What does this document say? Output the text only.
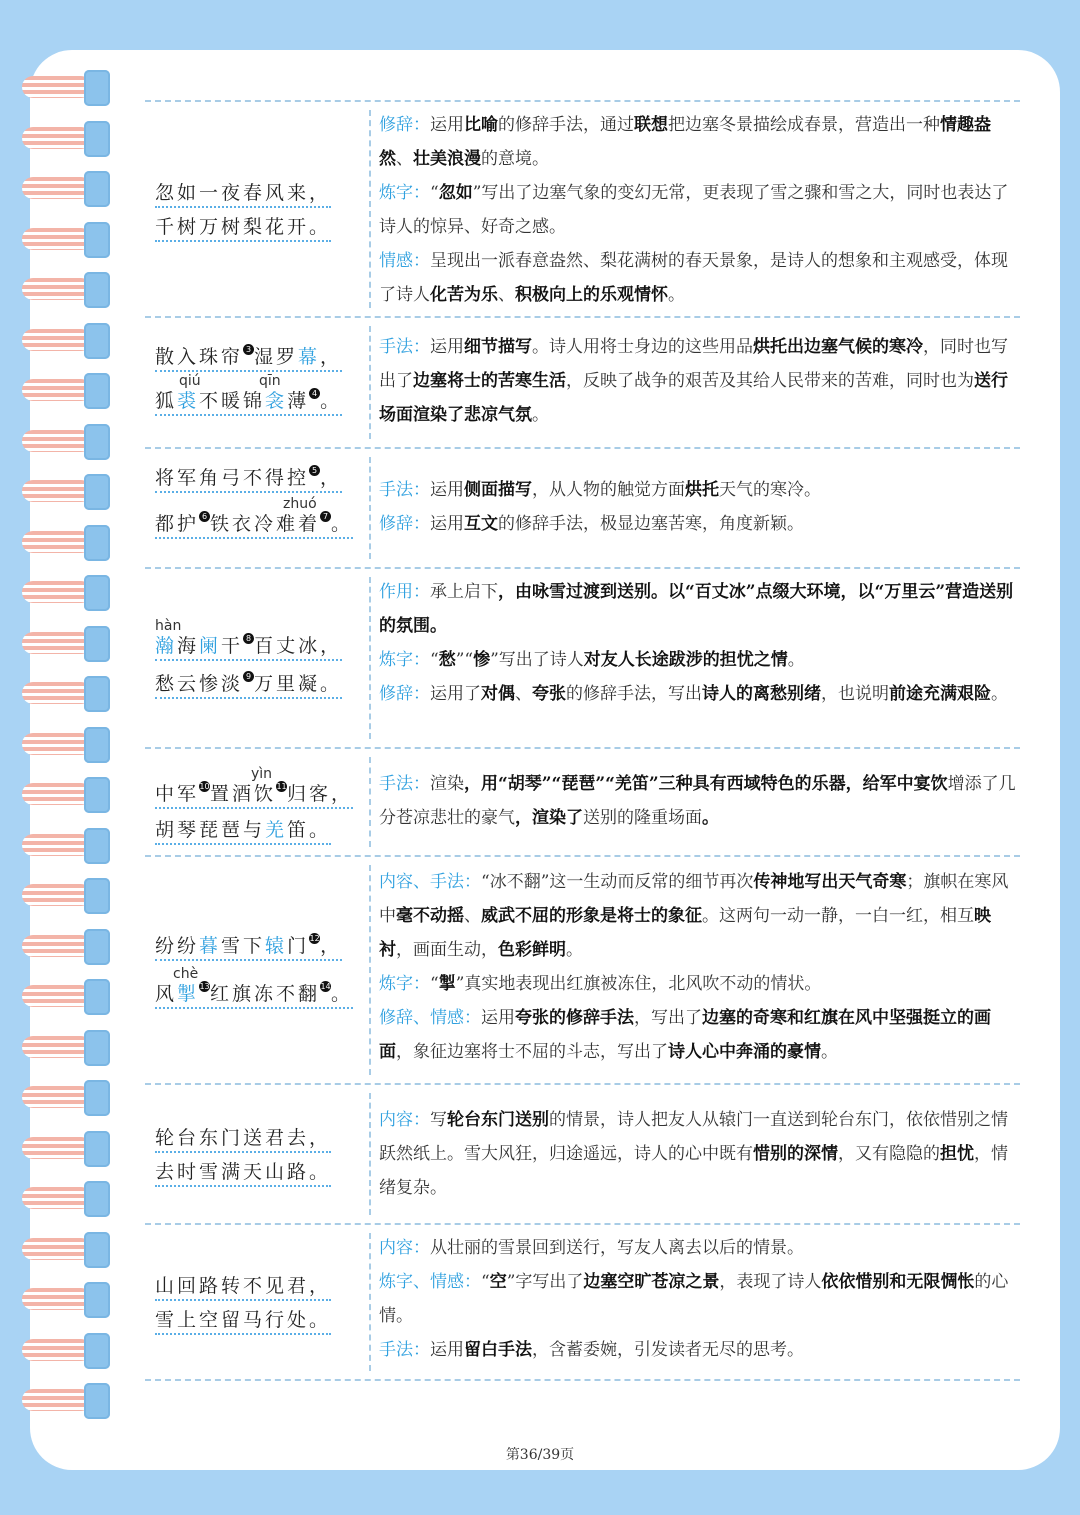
忽如一夜春风来，
千树万树梨花开。

修辞：运用比喻的修辞手法，通过联想把边塞冬景描绘成春景，营造出一种情趣盎然、壮美浪漫的意境。

炼字：“忽如”写出了边塞气象的变幻无常，更表现了雪之骤和雪之大，同时也表达了诗人的惊异、好奇之感。

情感：呈现出一派春意盎然、梨花满树的春天景象，是诗人的想象和主观感受，体现了诗人化苦为乐、积极向上的乐观情怀。

散入珠帘 $^3$ 湿罗幕，
qiú	qīn
狐裘不暖锦衾薄 $^4$ 。

手法：运用细节描写。诗人用将士身边的这些用品烘托出边塞气候的寒冷，同时也写出了边塞将士的苦寒生活，反映了战争的艰苦及其给人民带来的苦难，同时也为送行场面渲染了悲凉气氛。

将军角弓不得控 $^5$ ，
zhuó
都护 $^6$ 铁衣冷难着 $^7$ 。

手法：运用侧面描写，从人物的触觉方面烘托天气的寒冷。

修辞：运用互文的修辞手法，极显边塞苦寒，角度新颖。

hàn
瀚海阑干 $^8$ 百丈冰，
愁云惨淡 $^9$ 万里凝。

作用：承上启下，由咏雪过渡到送别。以“百丈冰”点缀大环境，以“万里云”营造送别的氛围。

炼字：“愁”“惨”写出了诗人对友人长途跋涉的担忧之情。

修辞：运用了对偶、夸张的修辞手法，写出诗人的离愁别绪，也说明前途充满艰险。

yìn
中军$^{10}$置酒饮$^{11}$归客，
胡琴琵琶与羌笛。

手法：渲染，用“胡琴”“琵琶”“羌笛”三种具有西域特色的乐器，给军中宴饮增添了几分苍凉悲壮的豪气，渲染了送别的隆重场面。

纷纷暮雪下辕门$^{12}$，
chè
风掣$^{13}$红旗冻不翻$^{14}$。

内容、手法：“冰不翻”这一生动而反常的细节再次传神地写出天气奇寒；旗帜在寒风中毫不动摇、威武不屈的形象是将士的象征。这两句一动一静，一白一红，相互映衬，画面生动，色彩鲜明。

炼字：“掣”真实地表现出红旗被冻住，北风吹不动的情状。

修辞、情感：运用夸张的修辞手法，写出了边塞的奇寒和红旗在风中坚强挺立的画面，象征边塞将士不屈的斗志，写出了诗人心中奔涌的豪情。

轮台东门送君去，
去时雪满天山路。

内容：写轮台东门送别的情景，诗人把友人从辕门一直送到轮台东门，依依惜别之情跃然纸上。雪大风狂，归途遥远，诗人的心中既有惜别的深情，又有隐隐的担忧，情绪复杂。

山回路转不见君，
雪上空留马行处。

内容：从壮丽的雪景回到送行，写友人离去以后的情景。

炼字、情感：“空”字写出了边塞空旷苍凉之景，表现了诗人依依惜别和无限惆怅的心情。

手法：运用留白手法，含蓄委婉，引发读者无尽的思考。

第36/39页
